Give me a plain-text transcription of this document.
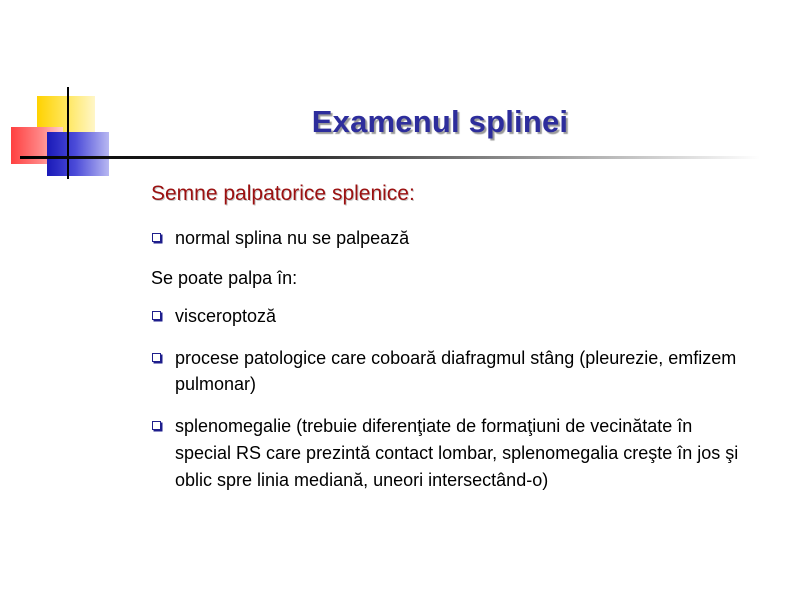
Examenul splinei
Semne palpatorice splenice:
normal splina nu se palpează
Se poate palpa în:
visceroptoză
procese patologice care coboară diafragmul stâng (pleurezie, emfizem pulmonar)
splenomegalie (trebuie diferenţiate de formaţiuni de vecinătate în special RS care prezintă contact lombar, splenomegalia creşte în jos şi oblic spre linia mediană, uneori intersectând-o)
